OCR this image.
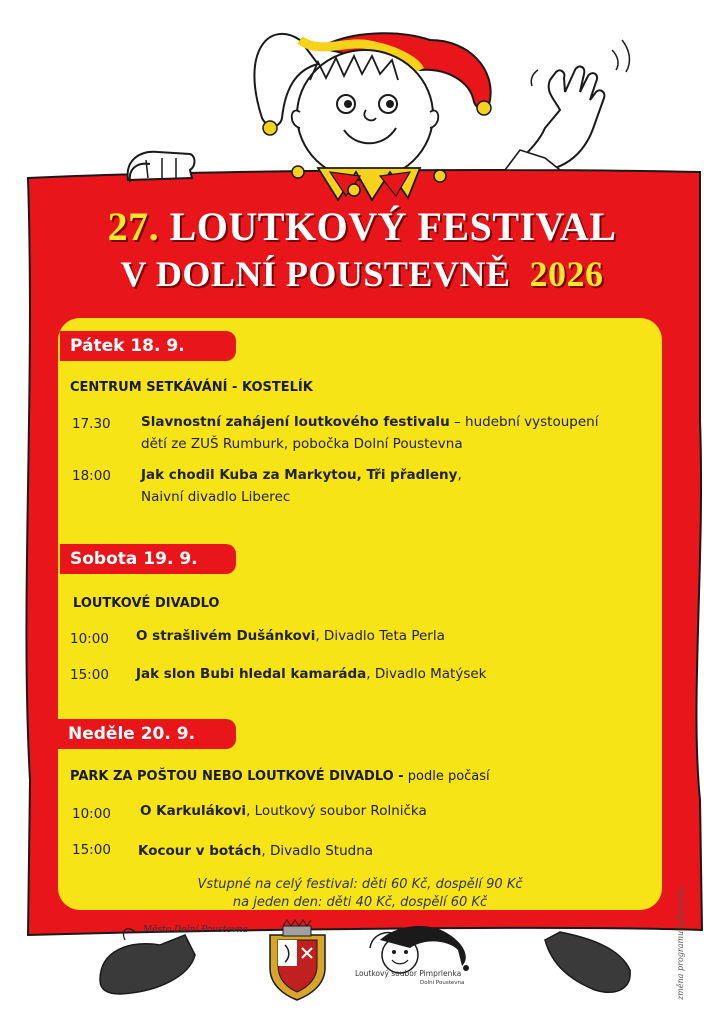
27. LOUTKOVÝ FESTIVAL
V DOLNÍ POUSTEVNĚ 2026
Pátek 18. 9.
CENTRUM SETKÁVÁNÍ - KOSTELÍK
17.30 Slavnostní zahájení loutkového festivalu – hudební vystoupení
dětí ze ZUŠ Rumburk, pobočka Dolní Poustevna
18:00 Jak chodil Kuba za Markytou, Tři přadleny,
Naivní divadlo Liberec
Sobota 19. 9.
LOUTKOVÉ DIVADLO
10:00 O strašlivém Dušánkovi, Divadlo Teta Perla
15:00 Jak slon Bubi hledal kamaráda, Divadlo Matýsek
Neděle 20. 9.
PARK ZA POŠTOU NEBO LOUTKOVÉ DIVADLO - podle počasí
10:00 O Karkulákovi, Loutkový soubor Rolnička
15:00 Kocour v botách, Divadlo Studna
Vstupné na celý festival: děti 60 Kč, dospělí 90 Kč
na jeden den: děti 40 Kč, dospělí 60 Kč
Město Dolní Poustevna
Loutkový soubor Pimprlenka
Dolní Poustevna	změna programu vyhrazena
